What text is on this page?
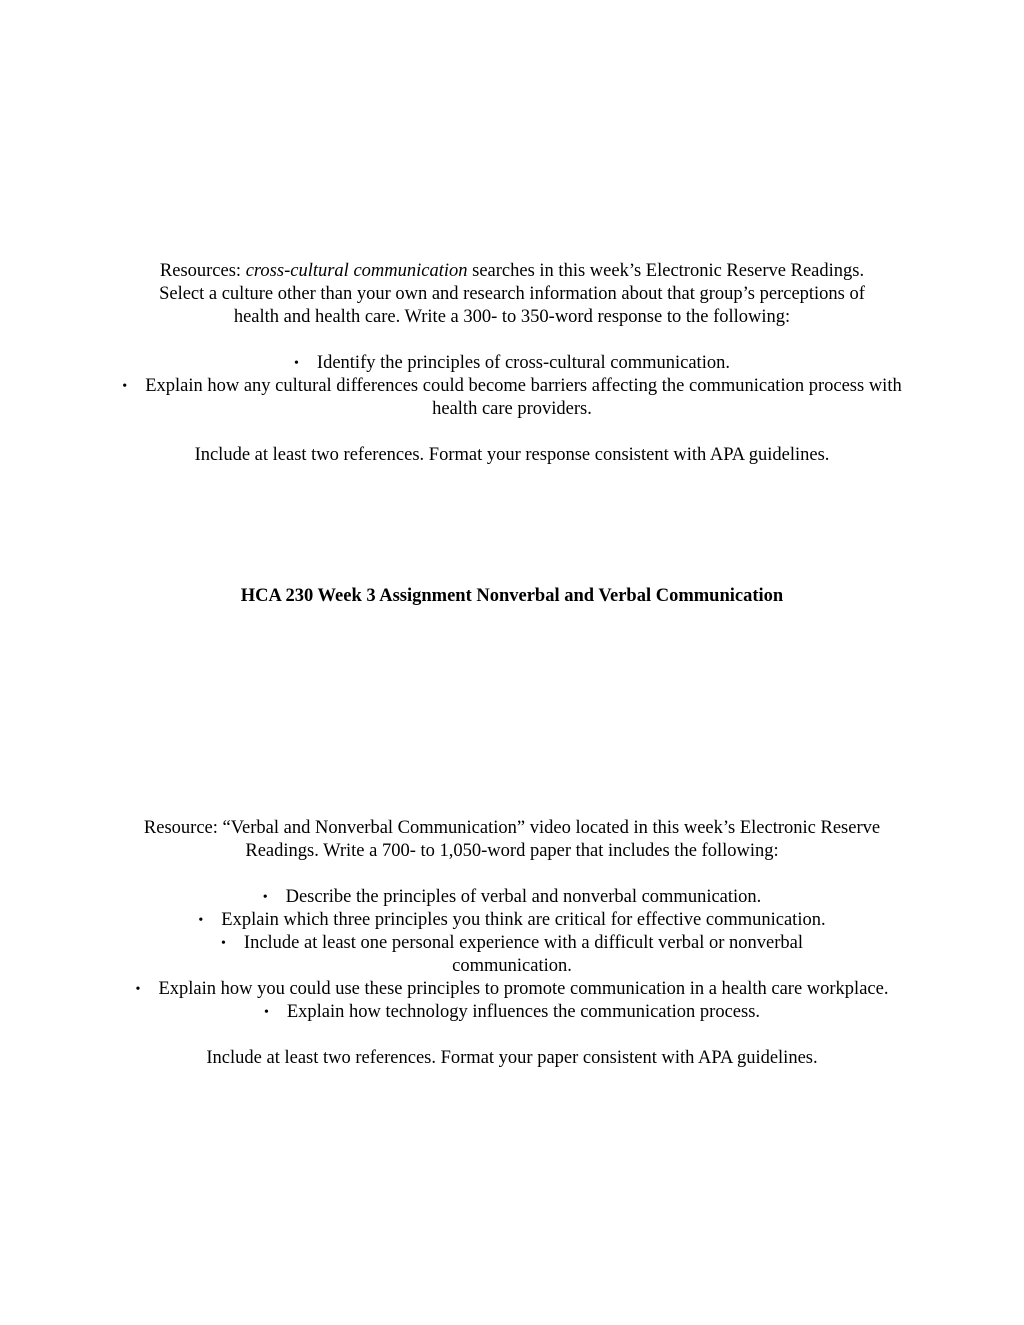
Resources: cross-cultural communication searches in this week’s Electronic Reserve Readings. Select a culture other than your own and research information about that group’s perceptions of health and health care. Write a 300- to 350-word response to the following:

• Identify the principles of cross-cultural communication.
• Explain how any cultural differences could become barriers affecting the communication process with health care providers.

Include at least two references. Format your response consistent with APA guidelines.

HCA 230 Week 3 Assignment Nonverbal and Verbal Communication

Resource: “Verbal and Nonverbal Communication” video located in this week’s Electronic Reserve Readings. Write a 700- to 1,050-word paper that includes the following:

• Describe the principles of verbal and nonverbal communication.
• Explain which three principles you think are critical for effective communication.
• Include at least one personal experience with a difficult verbal or nonverbal communication.
• Explain how you could use these principles to promote communication in a health care workplace.
• Explain how technology influences the communication process.

Include at least two references. Format your paper consistent with APA guidelines.
